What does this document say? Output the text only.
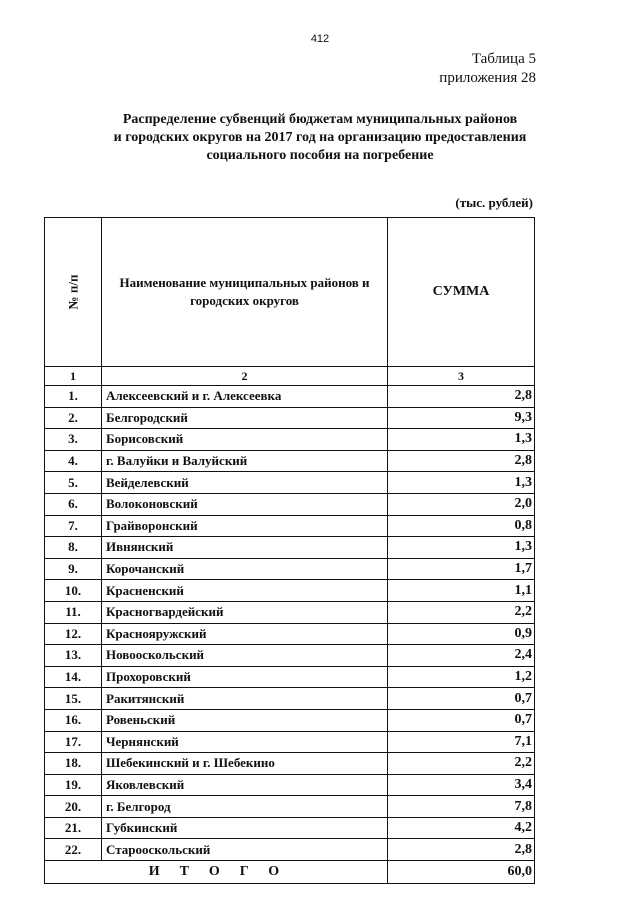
412
Таблица 5
приложения 28
Распределение субвенций бюджетам муниципальных районов
и городских округов на 2017 год на организацию предоставления
социального пособия на погребение
(тыс. рублей)
№ п/п	Наименование муниципальных районов и городских округов	СУММА
1	2	3
1.	Алексеевский и г. Алексеевка	2,8
2.	Белгородский	9,3
3.	Борисовский	1,3
4.	г. Валуйки и Валуйский	2,8
5.	Вейделевский	1,3
6.	Волоконовский	2,0
7.	Грайворонский	0,8
8.	Ивнянский	1,3
9.	Корочанский	1,7
10.	Красненский	1,1
11.	Красногвардейский	2,2
12.	Краснояружский	0,9
13.	Новооскольский	2,4
14.	Прохоровский	1,2
15.	Ракитянский	0,7
16.	Ровеньский	0,7
17.	Чернянский	7,1
18.	Шебекинский и г. Шебекино	2,2
19.	Яковлевский	3,4
20.	г. Белгород	7,8
21.	Губкинский	4,2
22.	Старооскольский	2,8
ИТОГО		60,0
